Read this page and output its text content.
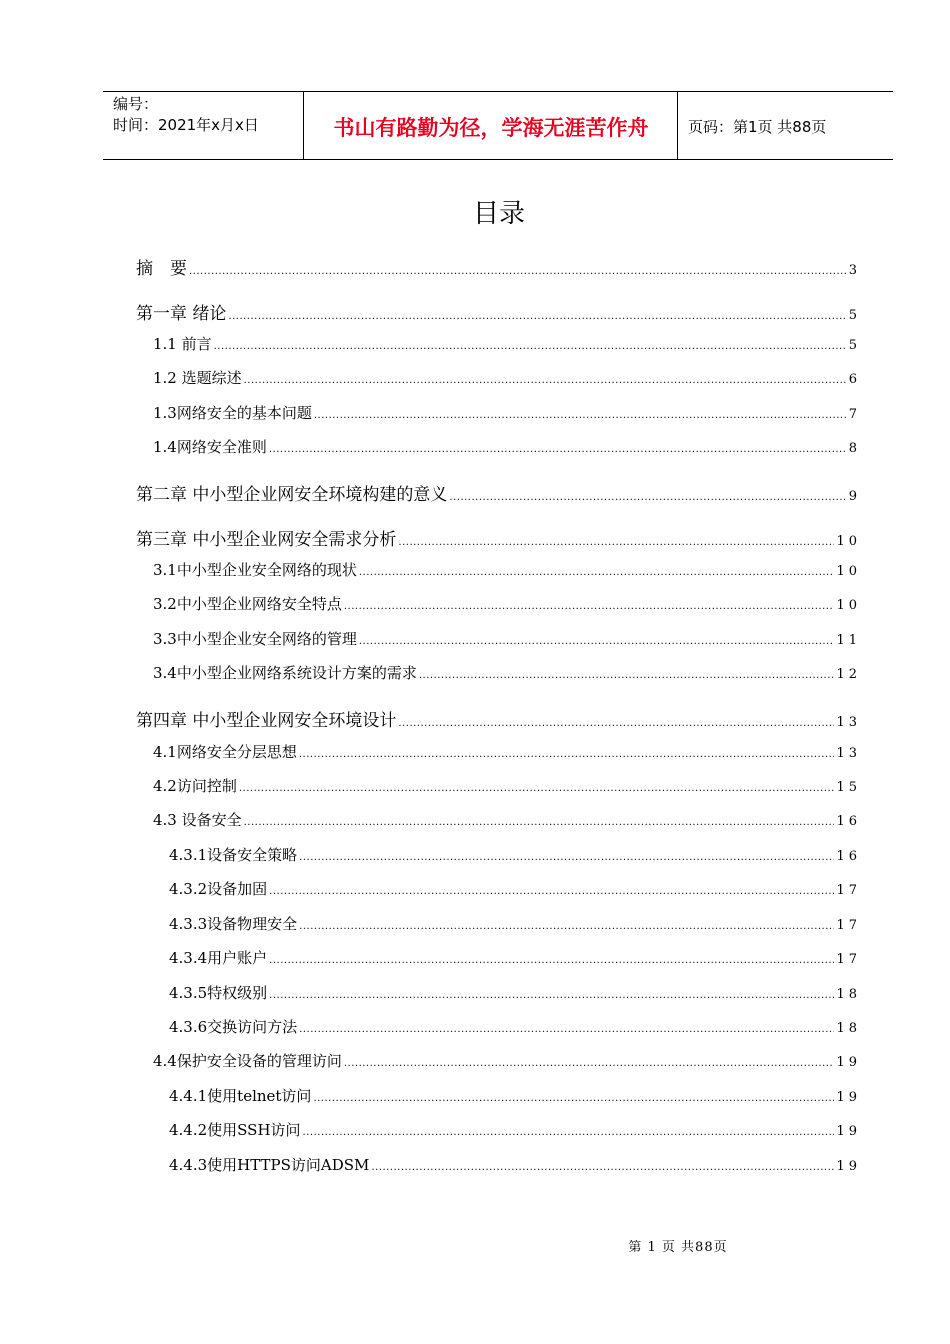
编号：
时间：2021年x月x日	书山有路勤为径，学海无涯苦作舟	页码：第1页 共88页
目录
摘　要 .....	3
第一章 绪论 .....	5
1.1 前言 .....	5
1.2 选题综述 .....	6
1.3网络安全的基本问题 .....	7
1.4网络安全准则 .....	8
第二章 中小型企业网安全环境构建的意义 .....	9
第三章 中小型企业网安全需求分析 .....	10
3.1中小型企业安全网络的现状 .....	10
3.2中小型企业网络安全特点 .....	10
3.3中小型企业安全网络的管理 .....	11
3.4中小型企业网络系统设计方案的需求 .....	12
第四章 中小型企业网安全环境设计 .....	13
4.1网络安全分层思想 .....	13
4.2访问控制 .....	15
4.3 设备安全 .....	16
4.3.1设备安全策略 .....	16
4.3.2设备加固 .....	17
4.3.3设备物理安全 .....	17
4.3.4用户账户 .....	17
4.3.5特权级别 .....	18
4.3.6交换访问方法 .....	18
4.4保护安全设备的管理访问 .....	19
4.4.1使用telnet访问 .....	19
4.4.2使用SSH访问 .....	19
4.4.3使用HTTPS访问ADSM .....	19
第 1 页 共88页
